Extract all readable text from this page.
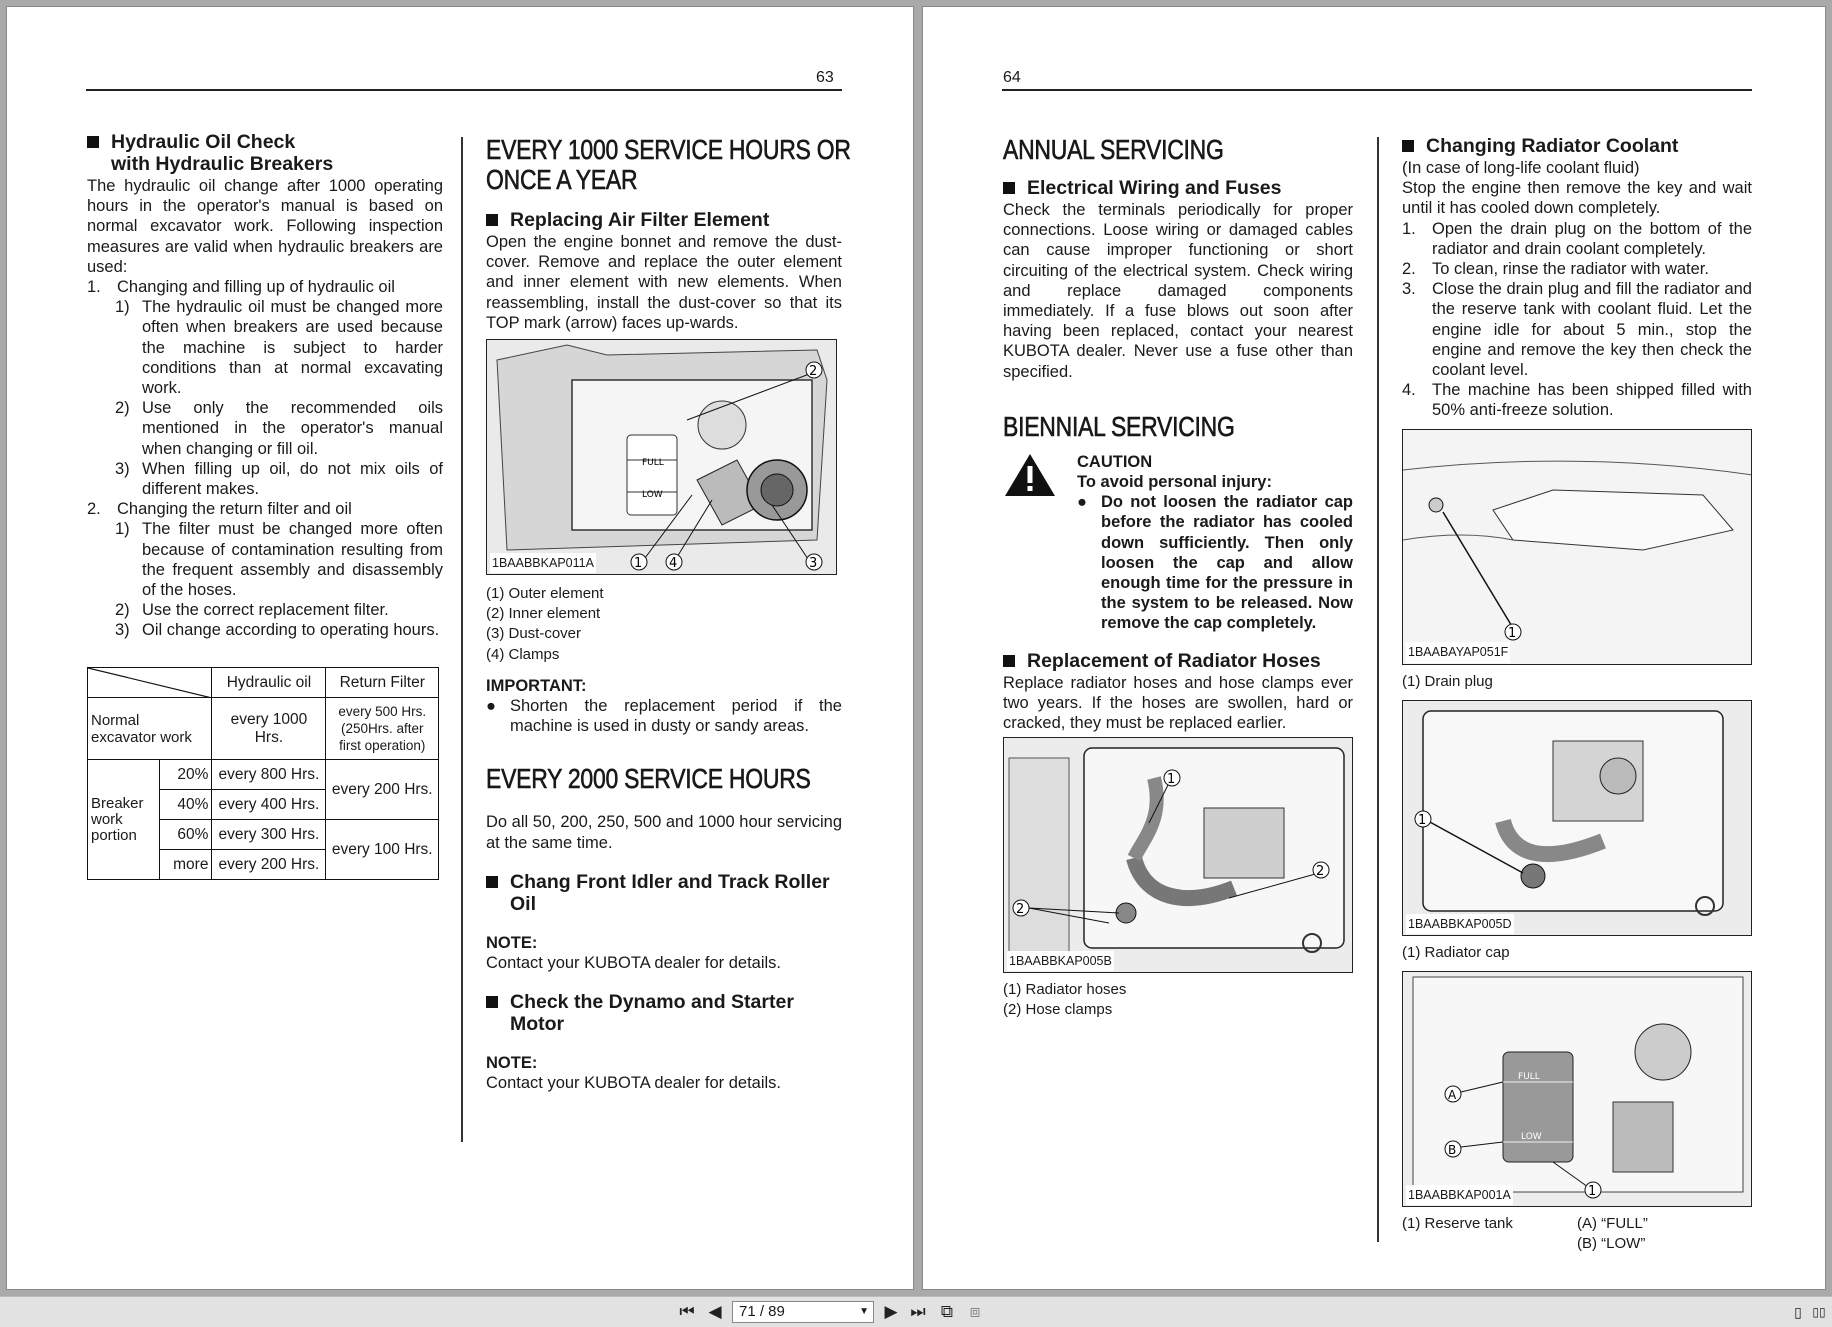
63
Hydraulic Oil Check
with Hydraulic Breakers

The hydraulic oil change after 1000 operating hours in the operator's manual is based on normal excavator work. Following inspection measures are valid when hydraulic breakers are used:

1. Changing and filling up of hydraulic oil
1) The hydraulic oil must be changed more often when breakers are used because the machine is subject to harder conditions than at normal excavating work.
2) Use only the recommended oils mentioned in the operator's manual when changing or fill oil.
3) When filling up oil, do not mix oils of different makes.
2. Changing the return filter and oil
1) The filter must be changed more often because of contamination resulting from the frequent assembly and disassembly of the hoses.
2) Use the correct replacement filter.
3) Oil change according to operating hours.
	Hydraulic oil	Return Filter
Normal excavator work		every 1000 Hrs.	every 500 Hrs. (250Hrs. after first operation)
Breaker work portion	20%	every 800 Hrs.	every 200 Hrs.
	40%	every 400 Hrs.	
	60%	every 300 Hrs.	every 100 Hrs.
	more	every 200 Hrs.	
EVERY 1000 SERVICE HOURS OR
ONCE A YEAR
Replacing Air Filter Element

Open the engine bonnet and remove the dust-cover. Remove and replace the outer element and inner element with new elements. When reassembling, install the dust-cover so that its TOP mark (arrow) faces up-wards.

FULL
LOW
2
3
1 4
1BAABBKAP011A
(1) Outer element
(2) Inner element
(3) Dust-cover
(4) Clamps
IMPORTANT:
● Shorten the replacement period if the machine is used in dusty or sandy areas.
EVERY 2000 SERVICE HOURS

Do all 50, 200, 250, 500 and 1000 hour servicing at the same time.

Chang Front Idler and Track Roller Oil
NOTE:
Contact your KUBOTA dealer for details.
Check the Dynamo and Starter Motor
NOTE:
Contact your KUBOTA dealer for details.
64
ANNUAL SERVICING
Electrical Wiring and Fuses

Check the terminals periodically for proper connections. Loose wiring or damaged cables can cause improper functioning or short circuiting of the electrical system. Check wiring and replace damaged components immediately. If a fuse blows out soon after having been replaced, contact your nearest KUBOTA dealer. Never use a fuse other than specified.

BIENNIAL SERVICING
CAUTION
To avoid personal injury:
● Do not loosen the radiator cap before the radiator has cooled down sufficiently. Then only loosen the cap and allow enough time for the pressure in the system to be released. Now remove the cap completely.
Replacement of Radiator Hoses

Replace radiator hoses and hose clamps ever two years. If the hoses are swollen, hard or cracked, they must be replaced earlier.

1
2
2
1BAABBKAP005B
(1) Radiator hoses
(2) Hose clamps
Changing Radiator Coolant
(In case of long-life coolant fluid)

Stop the engine then remove the key and wait until it has cooled down completely.

1. Open the drain plug on the bottom of the radiator and drain coolant completely.
2. To clean, rinse the radiator with water.
3. Close the drain plug and fill the radiator and the reserve tank with coolant fluid. Let the engine idle for about 5 min., stop the engine and remove the key then check the coolant level.
4. The machine has been shipped filled with 50% anti-freeze solution.
1
1BAABAYAP051F
(1) Drain plug
1
1BAABBKAP005D
(1) Radiator cap
FULL
LOW
A
B
1
1BAABBKAP001A
(1) Reserve tank	(A) “FULL”
(B) “LOW”
⏮ ◀	71 / 89	▼ ▶ ⏭ ⧉ ⧈	▯ ▯▯
